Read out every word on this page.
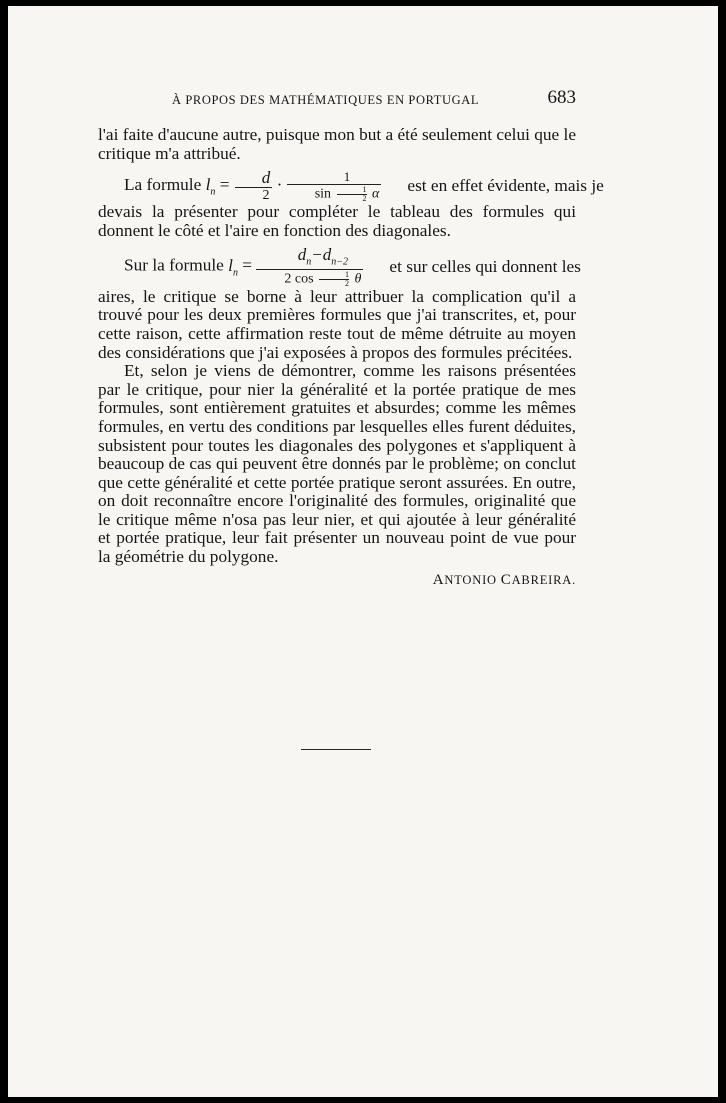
À PROPOS DES MATHÉMATIQUES EN PORTUGAL	683

l'ai faite d'aucune autre, puisque mon but a été seulement celui que le critique m'a attribué.

La formule $l_n = \frac{d}{2} \cdot \frac{1}{\sin \frac{1}{2} \alpha}$	est en effet évidente, mais je
devais la présenter pour compléter le tableau des formules qui donnent le côté et l'aire en fonction des diagonales.

Sur la formule $l_n = \frac{d_n-d_{n-2}}{2 \cos \frac{1}{2} \theta}$	et sur celles qui donnent les
aires, le critique se borne à leur attribuer la complication qu'il a trouvé pour les deux premières formules que j'ai transcrites, et, pour cette raison, cette affirmation reste tout de même détruite au moyen des considérations que j'ai exposées à propos des formules précitées.

Et, selon je viens de démontrer, comme les raisons présentées par le critique, pour nier la généralité et la portée pratique de mes formules, sont entièrement gratuites et absurdes; comme les mêmes formules, en vertu des conditions par lesquelles elles furent déduites, subsistent pour toutes les diagonales des polygones et s'appliquent à beaucoup de cas qui peuvent être donnés par le problème; on conclut que cette généralité et cette portée pratique seront assurées. En outre, on doit reconnaître encore l'originalité des formules, originalité que le critique même n'osa pas leur nier, et qui ajoutée à leur généralité et portée pratique, leur fait présenter un nouveau point de vue pour la géométrie du polygone.

ANTONIO CABREIRA.
